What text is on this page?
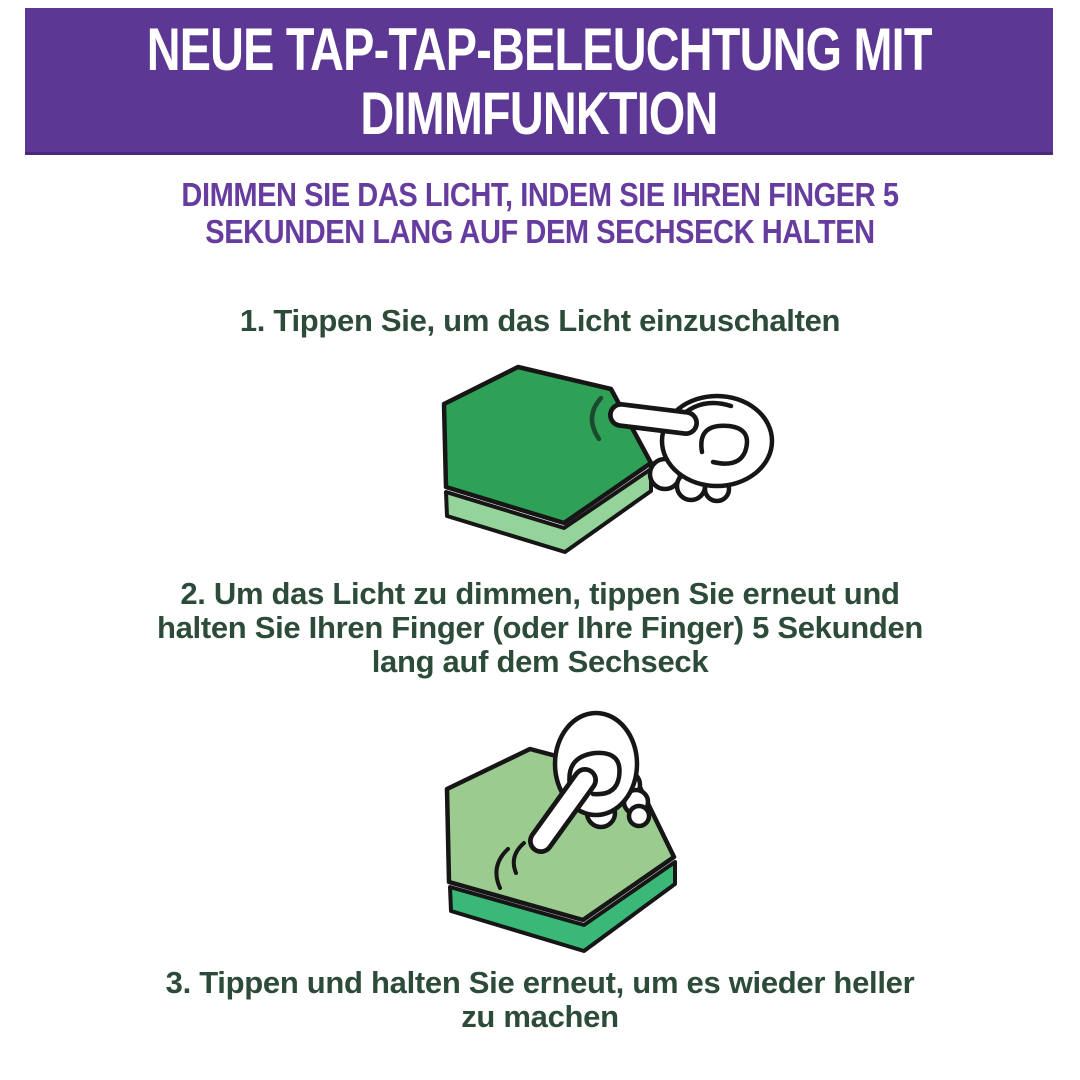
NEUE TAP-TAP-BELEUCHTUNG MIT
DIMMFUNKTION
DIMMEN SIE DAS LICHT, INDEM SIE IHREN FINGER 5
SEKUNDEN LANG AUF DEM SECHSECK HALTEN
1. Tippen Sie, um das Licht einzuschalten
2. Um das Licht zu dimmen, tippen Sie erneut und
halten Sie Ihren Finger (oder Ihre Finger) 5 Sekunden
lang auf dem Sechseck
3. Tippen und halten Sie erneut, um es wieder heller
zu machen
